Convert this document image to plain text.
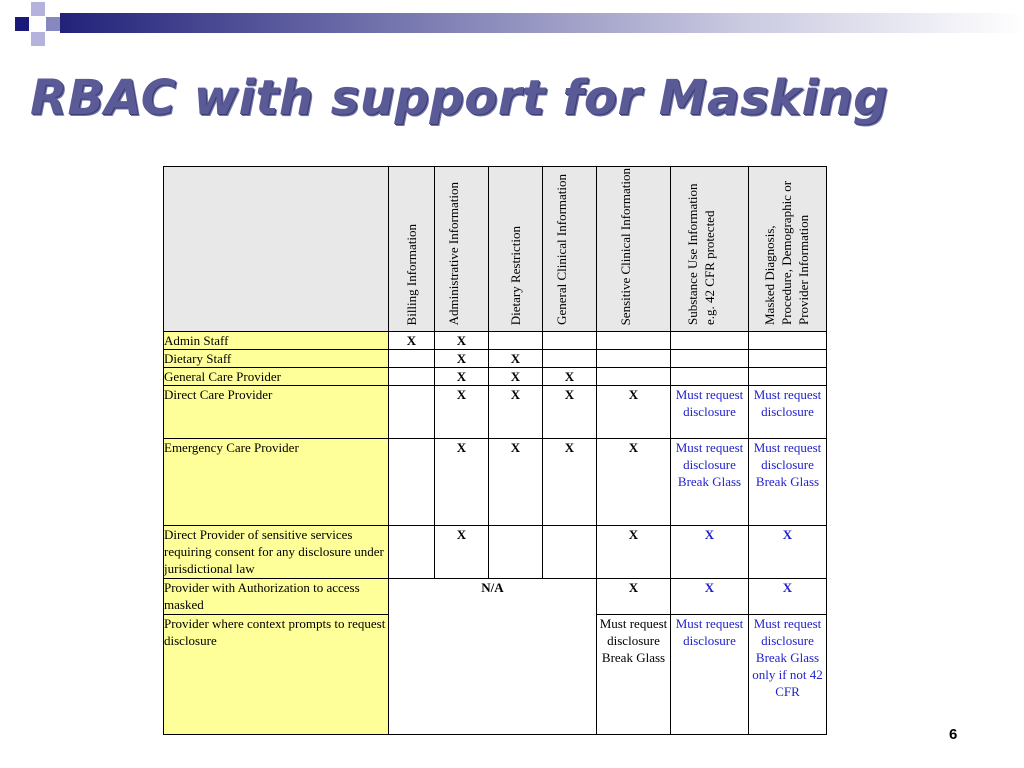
RBAC with support for Masking

	Billing Information	Administrative Information	Dietary Restriction	General Clinical Information	Sensitive Clinical Information	Substance Use Information e.g. 42 CFR protected	Masked Diagnosis, Procedure, Demographic or Provider Information

Admin Staff	X	X					
Dietary Staff		X	X				
General Care Provider		X	X	X			
Direct Care Provider		X	X	X	X	Must request disclosure	Must request disclosure
Emergency Care Provider		X	X	X	X	Must request disclosure Break Glass	Must request disclosure Break Glass
Direct Provider of sensitive services requiring consent for any disclosure under jurisdictional law		X			X	X	X
Provider with Authorization to access masked	N/A				X	X	X
Provider where context prompts to request disclosure					Must request disclosure Break Glass	Must request disclosure	Must request disclosure Break Glass only if not 42 CFR
6
